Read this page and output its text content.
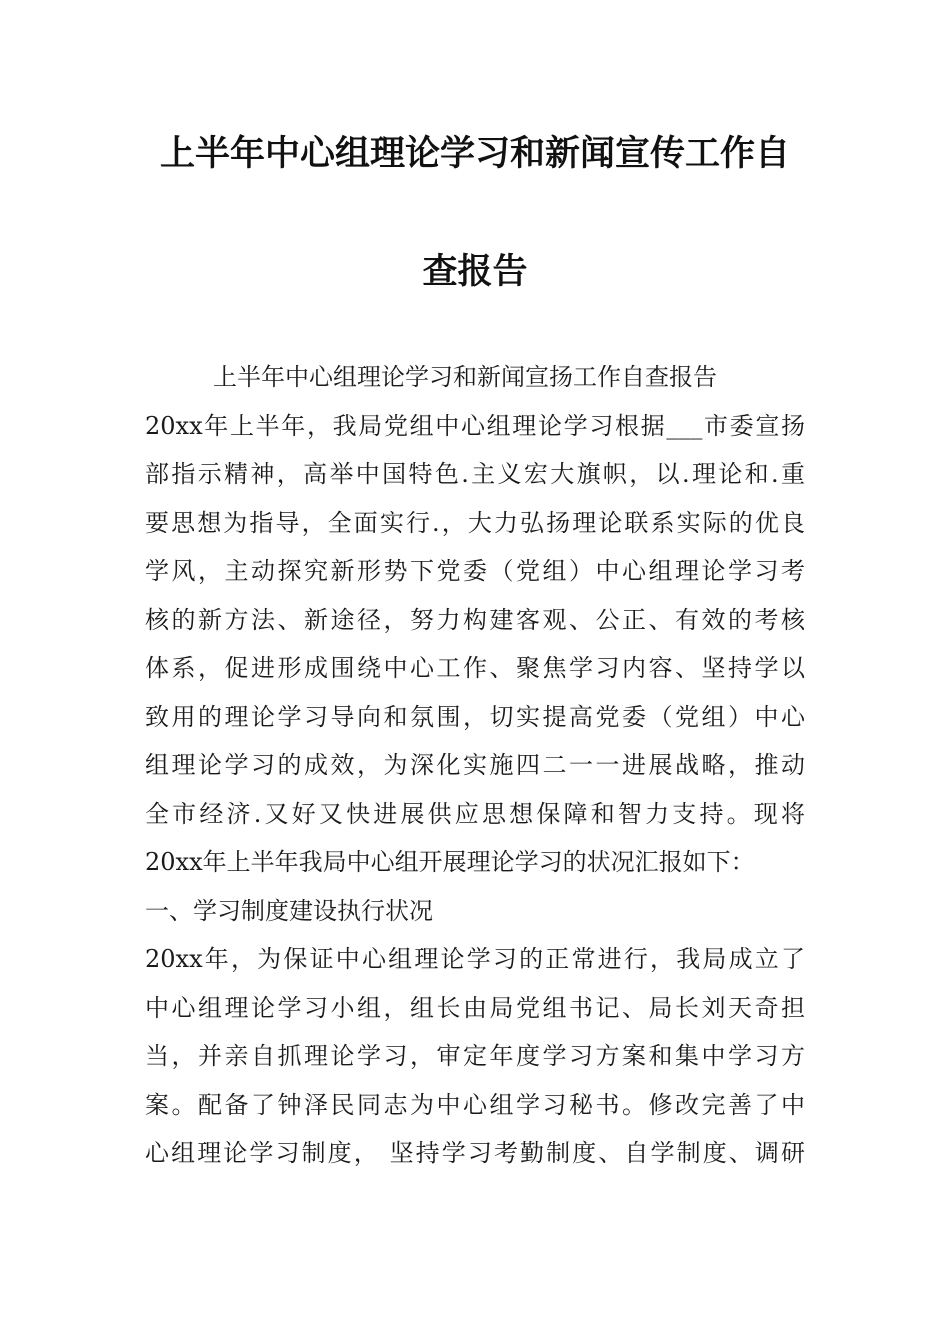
上半年中心组理论学习和新闻宣传工作自
查报告
上半年中心组理论学习和新闻宣扬工作自查报告
20xx年上半年，我局党组中心组理论学习根据___市委宣扬
部指示精神，高举中国特色.主义宏大旗帜，以.理论和.重
要思想为指导，全面实行.，大力弘扬理论联系实际的优良
学风，主动探究新形势下党委（党组）中心组理论学习考
核的新方法、新途径，努力构建客观、公正、有效的考核
体系，促进形成围绕中心工作、聚焦学习内容、坚持学以
致用的理论学习导向和氛围，切实提高党委（党组）中心
组理论学习的成效，为深化实施四二一一进展战略，推动
全市经济.又好又快进展供应思想保障和智力支持。现将
20xx年上半年我局中心组开展理论学习的状况汇报如下：
一、学习制度建设执行状况
20xx年，为保证中心组理论学习的正常进行，我局成立了
中心组理论学习小组，组长由局党组书记、局长刘天奇担
当，并亲自抓理论学习，审定年度学习方案和集中学习方
案。配备了钟泽民同志为中心组学习秘书。修改完善了中
心组理论学习制度， 坚持学习考勤制度、自学制度、调研
